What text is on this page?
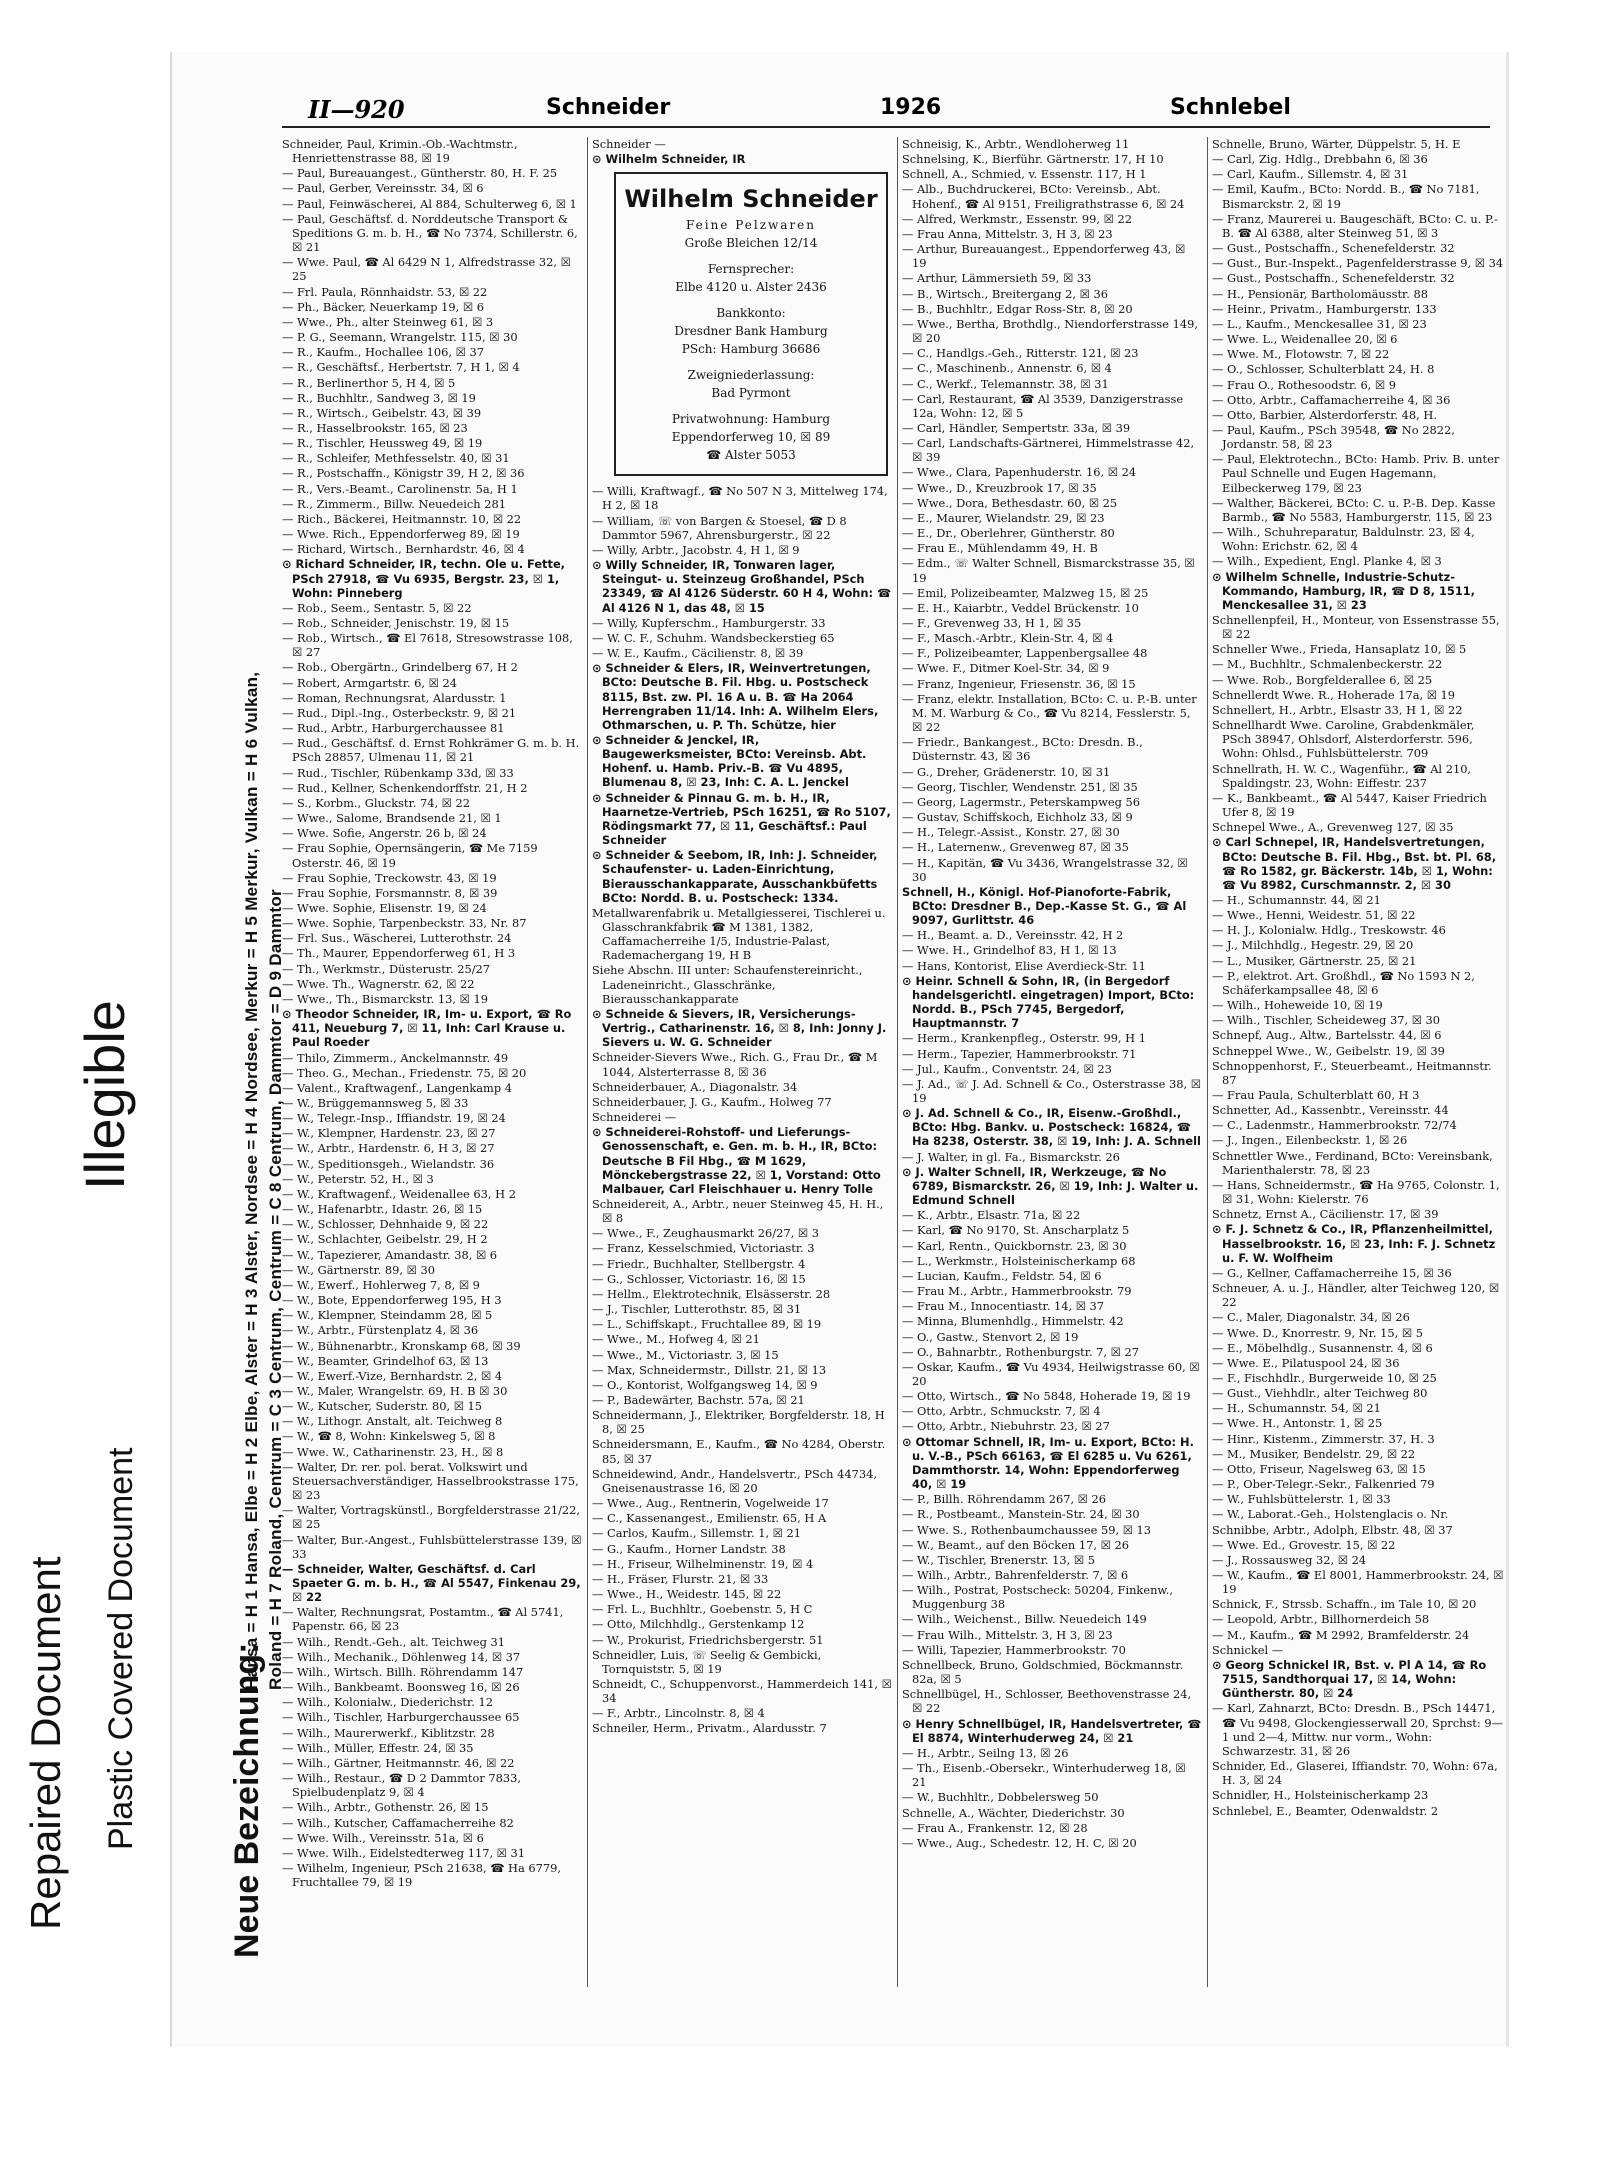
Repaired Document Plastic Covered Document
Illegible
Neue Bezeichnung:
Hansa = H 1 Hansa, Elbe = H 2 Elbe, Alster = H 3 Alster, Nordsee = H 4 Nordsee, Merkur = H 5 Merkur, Vulkan = H 6 Vulkan, Roland = H 7 Roland, Centrum = C 3 Centrum, Centrum = C 8 Centrum, Dammtor = D 9 Dammtor
II—920	Schneider	1926	Schnlebel
Schneider, Paul, Krimin.-Ob.-Wachtmstr., Henriettenstrasse 88, ☒ 19
— Paul, Bureauangest., Güntherstr. 80, H. F. 25
— Paul, Gerber, Vereinsstr. 34, ☒ 6
— Paul, Feinwäscherei, Al 884, Schulterweg 6, ☒ 1
— Paul, Geschäftsf. d. Norddeutsche Transport & Speditions G. m. b. H., ☎ No 7374, Schillerstr. 6, ☒ 21
— Wwe. Paul, ☎ Al 6429 N 1, Alfredstrasse 32, ☒ 25
— Frl. Paula, Rönnhaidstr. 53, ☒ 22
— Ph., Bäcker, Neuerkamp 19, ☒ 6
— Wwe., Ph., alter Steinweg 61, ☒ 3
— P. G., Seemann, Wrangelstr. 115, ☒ 30
— R., Kaufm., Hochallee 106, ☒ 37
— R., Geschäftsf., Herbertstr. 7, H 1, ☒ 4
— R., Berlinerthor 5, H 4, ☒ 5
— R., Buchhltr., Sandweg 3, ☒ 19
— R., Wirtsch., Geibelstr. 43, ☒ 39
— R., Hasselbrookstr. 165, ☒ 23
— R., Tischler, Heussweg 49, ☒ 19
— R., Schleifer, Methfesselstr. 40, ☒ 31
— R., Postschaffn., Königstr 39, H 2, ☒ 36
— R., Vers.-Beamt., Carolinenstr. 5a, H 1
— R., Zimmerm., Billw. Neuedeich 281
— Rich., Bäckerei, Heitmannstr. 10, ☒ 22
— Wwe. Rich., Eppendorferweg 89, ☒ 19
— Richard, Wirtsch., Bernhardstr. 46, ☒ 4
⊙ Richard Schneider, IR, techn. Ole u. Fette, PSch 27918, ☎ Vu 6935, Bergstr. 23, ☒ 1, Wohn: Pinneberg
— Rob., Seem., Sentastr. 5, ☒ 22
— Rob., Schneider, Jenischstr. 19, ☒ 15
— Rob., Wirtsch., ☎ El 7618, Stresowstrasse 108, ☒ 27
— Rob., Obergärtn., Grindelberg 67, H 2
— Robert, Armgartstr. 6, ☒ 24
— Roman, Rechnungsrat, Alardusstr. 1
— Rud., Dipl.-Ing., Osterbeckstr. 9, ☒ 21
— Rud., Arbtr., Harburgerchaussee 81
— Rud., Geschäftsf. d. Ernst Rohkrämer G. m. b. H. PSch 28857, Ulmenau 11, ☒ 21
— Rud., Tischler, Rübenkamp 33d, ☒ 33
— Rud., Kellner, Schenkendorffstr. 21, H 2
— S., Korbm., Gluckstr. 74, ☒ 22
— Wwe., Salome, Brandsende 21, ☒ 1
— Wwe. Sofie, Angerstr. 26 b, ☒ 24
— Frau Sophie, Opernsängerin, ☎ Me 7159 Osterstr. 46, ☒ 19
— Frau Sophie, Treckowstr. 43, ☒ 19
— Frau Sophie, Forsmannstr. 8, ☒ 39
— Wwe. Sophie, Elisenstr. 19, ☒ 24
— Wwe. Sophie, Tarpenbeckstr. 33, Nr. 87
— Frl. Sus., Wäscherei, Lutterothstr. 24
— Th., Maurer, Eppendorferweg 61, H 3
— Th., Werkmstr., Düsterustr. 25/27
— Wwe. Th., Wagnerstr. 62, ☒ 22
— Wwe., Th., Bismarckstr. 13, ☒ 19
⊙ Theodor Schneider, IR, Im- u. Export, ☎ Ro 411, Neueburg 7, ☒ 11, Inh: Carl Krause u. Paul Roeder
— Thilo, Zimmerm., Anckelmannstr. 49
— Theo. G., Mechan., Friedenstr. 75, ☒ 20
— Valent., Kraftwagenf., Langenkamp 4
— W., Brüggemannsweg 5, ☒ 33
— W., Telegr.-Insp., Iffiandstr. 19, ☒ 24
— W., Klempner, Hardenstr. 23, ☒ 27
— W., Arbtr., Hardenstr. 6, H 3, ☒ 27
— W., Speditionsgeh., Wielandstr. 36
— W., Peterstr. 52, H., ☒ 3
— W., Kraftwagenf., Weidenallee 63, H 2
— W., Hafenarbtr., Idastr. 26, ☒ 15
— W., Schlosser, Dehnhaide 9, ☒ 22
— W., Schlachter, Geibelstr. 29, H 2
— W., Tapezierer, Amandastr. 38, ☒ 6
— W., Gärtnerstr. 89, ☒ 30
— W., Ewerf., Hohlerweg 7, 8, ☒ 9
— W., Bote, Eppendorferweg 195, H 3
— W., Klempner, Steindamm 28, ☒ 5
— W., Arbtr., Fürstenplatz 4, ☒ 36
— W., Bühnenarbtr., Kronskamp 68, ☒ 39
— W., Beamter, Grindelhof 63, ☒ 13
— W., Ewerf.-Vize, Bernhardstr. 2, ☒ 4
— W., Maler, Wrangelstr. 69, H. B ☒ 30
— W., Kutscher, Suderstr. 80, ☒ 15
— W., Lithogr. Anstalt, alt. Teichweg 8
— W., ☎ 8, Wohn: Kinkelsweg 5, ☒ 8
— Wwe. W., Catharinenstr. 23, H., ☒ 8
— Walter, Dr. rer. pol. berat. Volkswirt und Steuersachverständiger, Hasselbrookstrasse 175, ☒ 23
— Walter, Vortragskünstl., Borgfelderstrasse 21/22, ☒ 25
— Walter, Bur.-Angest., Fuhlsbüttelerstrasse 139, ☒ 33
— Schneider, Walter, Geschäftsf. d. Carl Spaeter G. m. b. H., ☎ Al 5547, Finkenau 29, ☒ 22
— Walter, Rechnungsrat, Postamtm., ☎ Al 5741, Papenstr. 66, ☒ 23
— Wilh., Rendt.-Geh., alt. Teichweg 31
— Wilh., Mechanik., Döhlenweg 14, ☒ 37
— Wilh., Wirtsch. Billh. Röhrendamm 147
— Wilh., Bankbeamt. Boonsweg 16, ☒ 26
— Wilh., Kolonialw., Diederichstr. 12
— Wilh., Tischler, Harburgerchaussee 65
— Wilh., Maurerwerkf., Kiblitzstr. 28
— Wilh., Müller, Effestr. 24, ☒ 35
— Wilh., Gärtner, Heitmannstr. 46, ☒ 22
— Wilh., Restaur., ☎ D 2 Dammtor 7833, Spielbudenplatz 9, ☒ 4
— Wilh., Arbtr., Gothenstr. 26, ☒ 15
— Wilh., Kutscher, Caffamacherreihe 82
— Wwe. Wilh., Vereinsstr. 51a, ☒ 6
— Wwe. Wilh., Eidelstedterweg 117, ☒ 31
— Wilhelm, Ingenieur, PSch 21638, ☎ Ha 6779, Fruchtallee 79, ☒ 19
Schneider —
⊙ Wilhelm Schneider, IR
Wilhelm Schneider
Feine Pelzwaren
Große Bleichen 12/14
Fernsprecher:
Elbe 4120 u. Alster 2436
Bankkonto:
Dresdner Bank Hamburg
PSch: Hamburg 36686
Zweigniederlassung:
Bad Pyrmont
Privatwohnung: Hamburg
Eppendorferweg 10, ☒ 89
☎ Alster 5053
— Willi, Kraftwagf., ☎ No 507 N 3, Mittelweg 174, H 2, ☒ 18
— William, ☏ von Bargen & Stoesel, ☎ D 8 Dammtor 5967, Ahrensburgerstr., ☒ 22
— Willy, Arbtr., Jacobstr. 4, H 1, ☒ 9
⊙ Willy Schneider, IR, Tonwaren lager, Steingut- u. Steinzeug Großhandel, PSch 23349, ☎ Al 4126 Süderstr. 60 H 4, Wohn: ☎ Al 4126 N 1, das 48, ☒ 15
— Willy, Kupferschm., Hamburgerstr. 33
— W. C. F., Schuhm. Wandsbeckerstieg 65
— W. E., Kaufm., Cäcilienstr. 8, ☒ 39
⊙ Schneider & Elers, IR, Weinvertretungen, BCto: Deutsche B. Fil. Hbg. u. Postscheck 8115, Bst. zw. Pl. 16 A u. B. ☎ Ha 2064 Herrengraben 11/14. Inh: A. Wilhelm Elers, Othmarschen, u. P. Th. Schütze, hier
⊙ Schneider & Jenckel, IR, Baugewerksmeister, BCto: Vereinsb. Abt. Hohenf. u. Hamb. Priv.-B. ☎ Vu 4895, Blumenau 8, ☒ 23, Inh: C. A. L. Jenckel
⊙ Schneider & Pinnau G. m. b. H., IR, Haarnetze-Vertrieb, PSch 16251, ☎ Ro 5107, Rödingsmarkt 77, ☒ 11, Geschäftsf.: Paul Schneider
⊙ Schneider & Seebom, IR, Inh: J. Schneider, Schaufenster- u. Laden-Einrichtung, Bierausschankapparate, Ausschankbüfetts BCto: Nordd. B. u. Postscheck: 1334.
Metallwarenfabrik u. Metallgiesserei, Tischlerei u. Glasschrankfabrik ☎ M 1381, 1382, Caffamacherreihe 1/5, Industrie-Palast, Rademachergang 19, H B
Siehe Abschn. III unter: Schaufenstereinricht., Ladeneinricht., Glasschränke, Bierausschankapparate
⊙ Schneide & Sievers, IR, Versicherungs-Vertrig., Catharinenstr. 16, ☒ 8, Inh: Jonny J. Sievers u. W. G. Schneider
Schneider-Sievers Wwe., Rich. G., Frau Dr., ☎ M 1044, Alsterterrasse 8, ☒ 36
Schneiderbauer, A., Diagonalstr. 34
Schneiderbauer, J. G., Kaufm., Holweg 77
Schneiderei —
⊙ Schneiderei-Rohstoff- und Lieferungs-Genossenschaft, e. Gen. m. b. H., IR, BCto: Deutsche B Fil Hbg., ☎ M 1629, Mönckebergstrasse 22, ☒ 1, Vorstand: Otto Malbauer, Carl Fleischhauer u. Henry Tolle
Schneidereit, A., Arbtr., neuer Steinweg 45, H. H., ☒ 8
— Wwe., F., Zeughausmarkt 26/27, ☒ 3
— Franz, Kesselschmied, Victoriastr. 3
— Friedr., Buchhalter, Stellbergstr. 4
— G., Schlosser, Victoriastr. 16, ☒ 15
— Hellm., Elektrotechnik, Elsässerstr. 28
— J., Tischler, Lutterothstr. 85, ☒ 31
— L., Schiffskapt., Fruchtallee 89, ☒ 19
— Wwe., M., Hofweg 4, ☒ 21
— Wwe., M., Victoriastr. 3, ☒ 15
— Max, Schneidermstr., Dillstr. 21, ☒ 13
— O., Kontorist, Wolfgangsweg 14, ☒ 9
— P., Badewärter, Bachstr. 57a, ☒ 21
Schneidermann, J., Elektriker, Borgfelderstr. 18, H 8, ☒ 25
Schneidersmann, E., Kaufm., ☎ No 4284, Oberstr. 85, ☒ 37
Schneidewind, Andr., Handelsvertr., PSch 44734, Gneisenaustrasse 16, ☒ 20
— Wwe., Aug., Rentnerin, Vogelweide 17
— C., Kassenangest., Emilienstr. 65, H A
— Carlos, Kaufm., Sillemstr. 1, ☒ 21
— G., Kaufm., Horner Landstr. 38
— H., Friseur, Wilhelminenstr. 19, ☒ 4
— H., Fräser, Flurstr. 21, ☒ 33
— Wwe., H., Weidestr. 145, ☒ 22
— Frl. L., Buchhltr., Goebenstr. 5, H C
— Otto, Milchhdlg., Gerstenkamp 12
— W., Prokurist, Friedrichsbergerstr. 51
Schneidler, Luis, ☏ Seelig & Gembicki, Tornquiststr. 5, ☒ 19
Schneidt, C., Schuppenvorst., Hammerdeich 141, ☒ 34
— F., Arbtr., Lincolnstr. 8, ☒ 4
Schneiler, Herm., Privatm., Alardusstr. 7
Schneisig, K., Arbtr., Wendloherweg 11
Schnelsing, K., Bierführ. Gärtnerstr. 17, H 10
Schnell, A., Schmied, v. Essenstr. 117, H 1
— Alb., Buchdruckerei, BCto: Vereinsb., Abt. Hohenf., ☎ Al 9151, Freiligrathstrasse 6, ☒ 24
— Alfred, Werkmstr., Essenstr. 99, ☒ 22
— Frau Anna, Mittelstr. 3, H 3, ☒ 23
— Arthur, Bureauangest., Eppendorferweg 43, ☒ 19
— Arthur, Lämmersieth 59, ☒ 33
— B., Wirtsch., Breitergang 2, ☒ 36
— B., Buchhltr., Edgar Ross-Str. 8, ☒ 20
— Wwe., Bertha, Brothdlg., Niendorferstrasse 149, ☒ 20
— C., Handlgs.-Geh., Ritterstr. 121, ☒ 23
— C., Maschinenb., Annenstr. 6, ☒ 4
— C., Werkf., Telemannstr. 38, ☒ 31
— Carl, Restaurant, ☎ Al 3539, Danzigerstrasse 12a, Wohn: 12, ☒ 5
— Carl, Händler, Sempertstr. 33a, ☒ 39
— Carl, Landschafts-Gärtnerei, Himmelstrasse 42, ☒ 39
— Wwe., Clara, Papenhuderstr. 16, ☒ 24
— Wwe., D., Kreuzbrook 17, ☒ 35
— Wwe., Dora, Bethesdastr. 60, ☒ 25
— E., Maurer, Wielandstr. 29, ☒ 23
— E., Dr., Oberlehrer, Güntherstr. 80
— Frau E., Mühlendamm 49, H. B
— Edm., ☏ Walter Schnell, Bismarckstrasse 35, ☒ 19
— Emil, Polizeibeamter, Malzweg 15, ☒ 25
— E. H., Kaiarbtr., Veddel Brückenstr. 10
— F., Grevenweg 33, H 1, ☒ 35
— F., Masch.-Arbtr., Klein-Str. 4, ☒ 4
— F., Polizeibeamter, Lappenbergsallee 48
— Wwe. F., Ditmer Koel-Str. 34, ☒ 9
— Franz, Ingenieur, Friesenstr. 36, ☒ 15
— Franz, elektr. Installation, BCto: C. u. P.-B. unter M. M. Warburg & Co., ☎ Vu 8214, Fesslerstr. 5, ☒ 22
— Friedr., Bankangest., BCto: Dresdn. B., Düsternstr. 43, ☒ 36
— G., Dreher, Grädenerstr. 10, ☒ 31
— Georg, Tischler, Wendenstr. 251, ☒ 35
— Georg, Lagermstr., Peterskampweg 56
— Gustav, Schiffskoch, Eichholz 33, ☒ 9
— H., Telegr.-Assist., Konstr. 27, ☒ 30
— H., Laternenw., Grevenweg 87, ☒ 35
— H., Kapitän, ☎ Vu 3436, Wrangelstrasse 32, ☒ 30
Schnell, H., Königl. Hof-Pianoforte-Fabrik, BCto: Dresdner B., Dep.-Kasse St. G., ☎ Al 9097, Gurlittstr. 46
— H., Beamt. a. D., Vereinsstr. 42, H 2
— Wwe. H., Grindelhof 83, H 1, ☒ 13
— Hans, Kontorist, Elise Averdieck-Str. 11
⊙ Heinr. Schnell & Sohn, IR, (in Bergedorf handelsgerichtl. eingetragen) Import, BCto: Nordd. B., PSch 7745, Bergedorf, Hauptmannstr. 7
— Herm., Krankenpfleg., Osterstr. 99, H 1
— Herm., Tapezier, Hammerbrookstr. 71
— Jul., Kaufm., Conventstr. 24, ☒ 23
— J. Ad., ☏ J. Ad. Schnell & Co., Osterstrasse 38, ☒ 19
⊙ J. Ad. Schnell & Co., IR, Eisenw.-Großhdl., BCto: Hbg. Bankv. u. Postscheck: 16824, ☎ Ha 8238, Osterstr. 38, ☒ 19, Inh: J. A. Schnell
— J. Walter, in gl. Fa., Bismarckstr. 26
⊙ J. Walter Schnell, IR, Werkzeuge, ☎ No 6789, Bismarckstr. 26, ☒ 19, Inh: J. Walter u. Edmund Schnell
— K., Arbtr., Elsastr. 71a, ☒ 22
— Karl, ☎ No 9170, St. Anscharplatz 5
— Karl, Rentn., Quickbornstr. 23, ☒ 30
— L., Werkmstr., Holsteinischerkamp 68
— Lucian, Kaufm., Feldstr. 54, ☒ 6
— Frau M., Arbtr., Hammerbrookstr. 79
— Frau M., Innocentiastr. 14, ☒ 37
— Minna, Blumenhdlg., Himmelstr. 42
— O., Gastw., Stenvort 2, ☒ 19
— O., Bahnarbtr., Rothenburgstr. 7, ☒ 27
— Oskar, Kaufm., ☎ Vu 4934, Heilwigstrasse 60, ☒ 20
— Otto, Wirtsch., ☎ No 5848, Hoherade 19, ☒ 19
— Otto, Arbtr., Schmuckstr. 7, ☒ 4
— Otto, Arbtr., Niebuhrstr. 23, ☒ 27
⊙ Ottomar Schnell, IR, Im- u. Export, BCto: H. u. V.-B., PSch 66163, ☎ El 6285 u. Vu 6261, Dammthorstr. 14, Wohn: Eppendorferweg 40, ☒ 19
— P., Billh. Röhrendamm 267, ☒ 26
— R., Postbeamt., Manstein-Str. 24, ☒ 30
— Wwe. S., Rothenbaumchaussee 59, ☒ 13
— W., Beamt., auf den Böcken 17, ☒ 26
— W., Tischler, Brenerstr. 13, ☒ 5
— Wilh., Arbtr., Bahrenfelderstr. 7, ☒ 6
— Wilh., Postrat, Postscheck: 50204, Finkenw., Muggenburg 38
— Wilh., Weichenst., Billw. Neuedeich 149
— Frau Wilh., Mittelstr. 3, H 3, ☒ 23
— Willi, Tapezier, Hammerbrookstr. 70
Schnellbeck, Bruno, Goldschmied, Böckmannstr. 82a, ☒ 5
Schnellbügel, H., Schlosser, Beethovenstrasse 24, ☒ 22
⊙ Henry Schnellbügel, IR, Handelsvertreter, ☎ El 8874, Winterhuderweg 24, ☒ 21
— H., Arbtr., Seilng 13, ☒ 26
— Th., Eisenb.-Obersekr., Winterhuderweg 18, ☒ 21
— W., Buchhltr., Dobbelersweg 50
Schnelle, A., Wächter, Diederichstr. 30
— Frau A., Frankenstr. 12, ☒ 28
— Wwe., Aug., Schedestr. 12, H. C, ☒ 20
Schnelle, Bruno, Wärter, Düppelstr. 5, H. E
— Carl, Zig. Hdlg., Drebbahn 6, ☒ 36
— Carl, Kaufm., Sillemstr. 4, ☒ 31
— Emil, Kaufm., BCto: Nordd. B., ☎ No 7181, Bismarckstr. 2, ☒ 19
— Franz, Maurerei u. Baugeschäft, BCto: C. u. P.-B. ☎ Al 6388, alter Steinweg 51, ☒ 3
— Gust., Postschaffn., Schenefelderstr. 32
— Gust., Bur.-Inspekt., Pagenfelderstrasse 9, ☒ 34
— Gust., Postschaffn., Schenefelderstr. 32
— H., Pensionär, Bartholomäusstr. 88
— Heinr., Privatm., Hamburgerstr. 133
— L., Kaufm., Menckesallee 31, ☒ 23
— Wwe. L., Weidenallee 20, ☒ 6
— Wwe. M., Flotowstr. 7, ☒ 22
— O., Schlosser, Schulterblatt 24, H. 8
— Frau O., Rothesoodstr. 6, ☒ 9
— Otto, Arbtr., Caffamacherreihe 4, ☒ 36
— Otto, Barbier, Alsterdorferstr. 48, H.
— Paul, Kaufm., PSch 39548, ☎ No 2822, Jordanstr. 58, ☒ 23
— Paul, Elektrotechn., BCto: Hamb. Priv. B. unter Paul Schnelle und Eugen Hagemann, Eilbeckerweg 179, ☒ 23
— Walther, Bäckerei, BCto: C. u. P.-B. Dep. Kasse Barmb., ☎ No 5583, Hamburgerstr. 115, ☒ 23
— Wilh., Schuhreparatur, Baldulnstr. 23, ☒ 4, Wohn: Erichstr. 62, ☒ 4
— Wilh., Expedient, Engl. Planke 4, ☒ 3
⊙ Wilhelm Schnelle, Industrie-Schutz-Kommando, Hamburg, IR, ☎ D 8, 1511, Menckesallee 31, ☒ 23
Schnellenpfeil, H., Monteur, von Essenstrasse 55, ☒ 22
Schneller Wwe., Frieda, Hansaplatz 10, ☒ 5
— M., Buchhltr., Schmalenbeckerstr. 22
— Wwe. Rob., Borgfelderallee 6, ☒ 25
Schnellerdt Wwe. R., Hoherade 17a, ☒ 19
Schnellert, H., Arbtr., Elsastr 33, H 1, ☒ 22
Schnellhardt Wwe. Caroline, Grabdenkmäler, PSch 38947, Ohlsdorf, Alsterdorferstr. 596, Wohn: Ohlsd., Fuhlsbüttelerstr. 709
Schnellrath, H. W. C., Wagenführ., ☎ Al 210, Spaldingstr. 23, Wohn: Eiffestr. 237
— K., Bankbeamt., ☎ Al 5447, Kaiser Friedrich Ufer 8, ☒ 19
Schnepel Wwe., A., Grevenweg 127, ☒ 35
⊙ Carl Schnepel, IR, Handelsvertretungen, BCto: Deutsche B. Fil. Hbg., Bst. bt. Pl. 68, ☎ Ro 1582, gr. Bäckerstr. 14b, ☒ 1, Wohn: ☎ Vu 8982, Curschmannstr. 2, ☒ 30
— H., Schumannstr. 44, ☒ 21
— Wwe., Henni, Weidestr. 51, ☒ 22
— H. J., Kolonialw. Hdlg., Treskowstr. 46
— J., Milchhdlg., Hegestr. 29, ☒ 20
— L., Musiker, Gärtnerstr. 25, ☒ 21
— P., elektrot. Art. Großhdl., ☎ No 1593 N 2, Schäferkampsallee 48, ☒ 6
— Wilh., Hoheweide 10, ☒ 19
— Wilh., Tischler, Scheideweg 37, ☒ 30
Schnepf, Aug., Altw., Bartelsstr. 44, ☒ 6
Schneppel Wwe., W., Geibelstr. 19, ☒ 39
Schnoppenhorst, F., Steuerbeamt., Heitmannstr. 87
— Frau Paula, Schulterblatt 60, H 3
Schnetter, Ad., Kassenbtr., Vereinsstr. 44
— C., Ladenmstr., Hammerbrookstr. 72/74
— J., Ingen., Eilenbeckstr. 1, ☒ 26
Schnettler Wwe., Ferdinand, BCto: Vereinsbank, Marienthalerstr. 78, ☒ 23
— Hans, Schneidermstr., ☎ Ha 9765, Colonstr. 1, ☒ 31, Wohn: Kielerstr. 76
Schnetz, Ernst A., Cäcilienstr. 17, ☒ 39
⊙ F. J. Schnetz & Co., IR, Pflanzenheilmittel, Hasselbrookstr. 16, ☒ 23, Inh: F. J. Schnetz u. F. W. Wolfheim
— G., Kellner, Caffamacherreihe 15, ☒ 36
Schneuer, A. u. J., Händler, alter Teichweg 120, ☒ 22
— C., Maler, Diagonalstr. 34, ☒ 26
— Wwe. D., Knorrestr. 9, Nr. 15, ☒ 5
— E., Möbelhdlg., Susannenstr. 4, ☒ 6
— Wwe. E., Pilatuspool 24, ☒ 36
— F., Fischhdlr., Burgerweide 10, ☒ 25
— Gust., Viehhdlr., alter Teichweg 80
— H., Schumannstr. 54, ☒ 21
— Wwe. H., Antonstr. 1, ☒ 25
— Hinr., Kistenm., Zimmerstr. 37, H. 3
— M., Musiker, Bendelstr. 29, ☒ 22
— Otto, Friseur, Nagelsweg 63, ☒ 15
— P., Ober-Telegr.-Sekr., Falkenried 79
— W., Fuhlsbüttelerstr. 1, ☒ 33
— W., Laborat.-Geh., Holstenglacis o. Nr.
Schnibbe, Arbtr., Adolph, Elbstr. 48, ☒ 37
— Wwe. Ed., Grovestr. 15, ☒ 22
— J., Rossausweg 32, ☒ 24
— W., Kaufm., ☎ El 8001, Hammerbrookstr. 24, ☒ 19
Schnick, F., Strssb. Schaffn., im Tale 10, ☒ 20
— Leopold, Arbtr., Billhornerdeich 58
— M., Kaufm., ☎ M 2992, Bramfelderstr. 24
Schnickel —
⊙ Georg Schnickel IR, Bst. v. Pl A 14, ☎ Ro 7515, Sandthorquai 17, ☒ 14, Wohn: Güntherstr. 80, ☒ 24
— Karl, Zahnarzt, BCto: Dresdn. B., PSch 14471, ☎ Vu 9498, Glockengiesserwall 20, Sprchst: 9—1 und 2—4, Mittw. nur vorm., Wohn: Schwarzestr. 31, ☒ 26
Schnider, Ed., Glaserei, Iffiandstr. 70, Wohn: 67a, H. 3, ☒ 24
Schnidler, H., Holsteinischerkamp 23
Schnlebel, E., Beamter, Odenwaldstr. 2
